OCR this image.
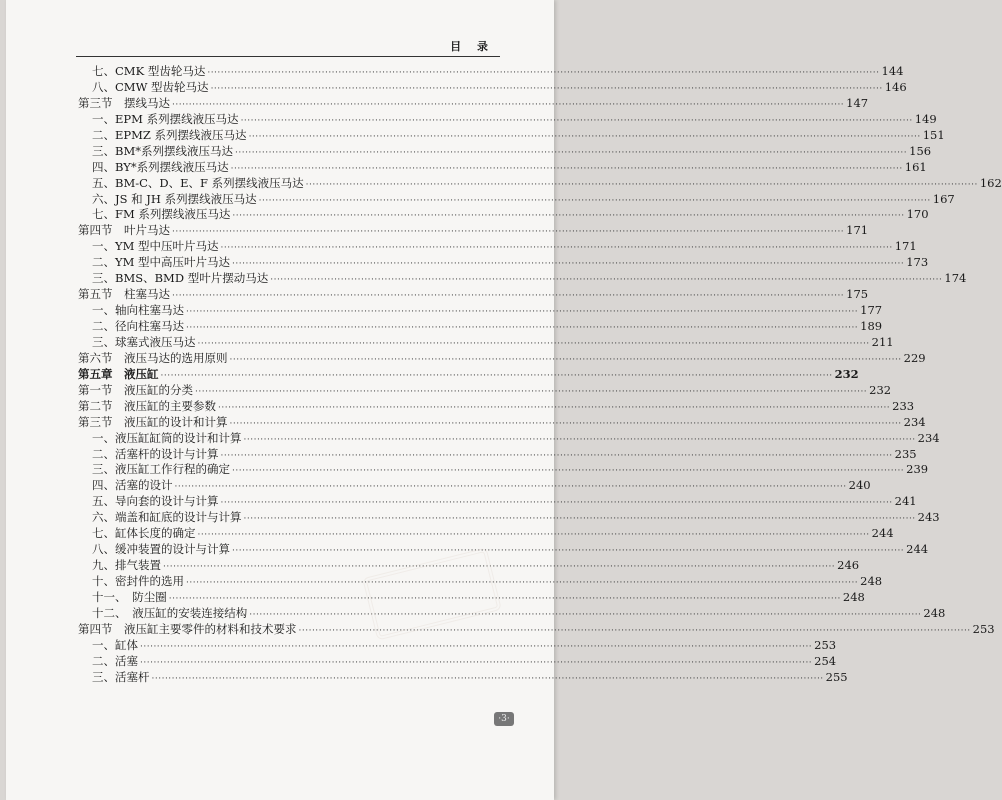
目 录
七、CMK 型齿轮马达 ········································································································································································································ 144
八、CMW 型齿轮马达 ········································································································································································································ 146
第三节　摆线马达 ········································································································································································································ 147
一、EPM 系列摆线液压马达 ········································································································································································································ 149
二、EPMZ 系列摆线液压马达 ········································································································································································································ 151
三、BM*系列摆线液压马达 ········································································································································································································ 156
四、BY*系列摆线液压马达 ········································································································································································································ 161
五、BM-C、D、E、F 系列摆线液压马达 ········································································································································································································ 162
六、JS 和 JH 系列摆线液压马达 ········································································································································································································ 167
七、FM 系列摆线液压马达 ········································································································································································································ 170
第四节　叶片马达 ········································································································································································································ 171
一、YM 型中压叶片马达 ········································································································································································································ 171
二、YM 型中高压叶片马达 ········································································································································································································ 173
三、BMS、BMD 型叶片摆动马达 ········································································································································································································ 174
第五节　柱塞马达 ········································································································································································································ 175
一、轴向柱塞马达 ········································································································································································································ 177
二、径向柱塞马达 ········································································································································································································ 189
三、球塞式液压马达 ········································································································································································································ 211
第六节　液压马达的选用原则 ········································································································································································································ 229
第五章　液压缸 ········································································································································································································ 232
第一节　液压缸的分类 ········································································································································································································ 232
第二节　液压缸的主要参数 ········································································································································································································ 233
第三节　液压缸的设计和计算 ········································································································································································································ 234
一、液压缸缸筒的设计和计算 ········································································································································································································ 234
二、活塞杆的设计与计算 ········································································································································································································ 235
三、液压缸工作行程的确定 ········································································································································································································ 239
四、活塞的设计 ········································································································································································································ 240
五、导向套的设计与计算 ········································································································································································································ 241
六、端盖和缸底的设计与计算 ········································································································································································································ 243
七、缸体长度的确定 ········································································································································································································ 244
八、缓冲装置的设计与计算 ········································································································································································································ 244
九、排气装置 ········································································································································································································ 246
十、密封件的选用 ········································································································································································································ 248
十一、　防尘圈 ········································································································································································································ 248
十二、　液压缸的安装连接结构 ········································································································································································································ 248
第四节　液压缸主要零件的材料和技术要求 ········································································································································································································ 253
一、缸体 ········································································································································································································ 253
二、活塞 ········································································································································································································ 254
三、活塞杆 ········································································································································································································ 255
·3·
